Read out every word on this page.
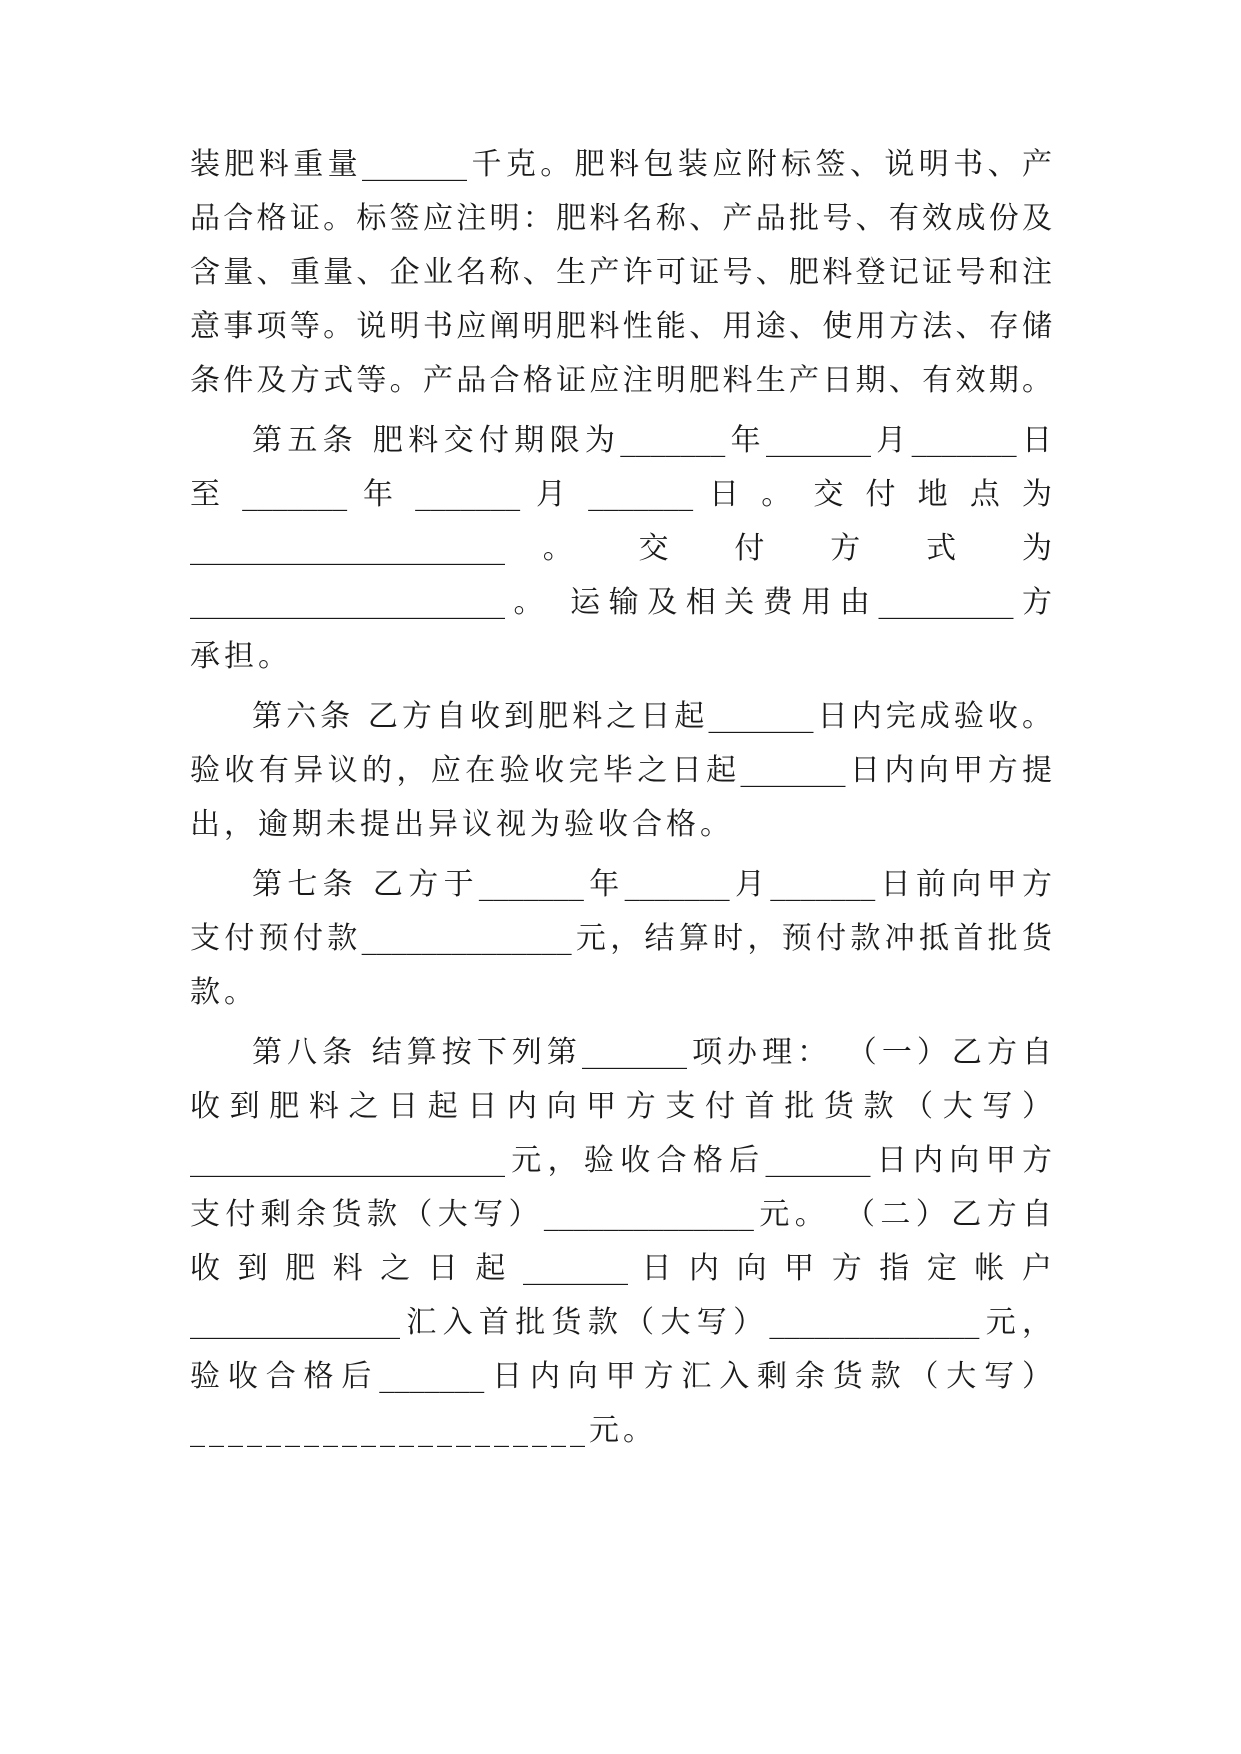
装肥料重量_______千克。肥料包装应附标签、说明书、产
品合格证。标签应注明：肥料名称、产品批号、有效成份及
含量、重量、企业名称、生产许可证号、肥料登记证号和注
意事项等。说明书应阐明肥料性能、用途、使用方法、存储
条件及方式等。产品合格证应注明肥料生产日期、有效期。
第五条 肥料交付期限为_______年_______月_______日
至 _______ 年 _______ 月 _______ 日 。 交 付 地 点 为
_____________________ 。 交 付 方 式 为
_____________________。 运输及相关费用由_________方
承担。
第六条 乙方自收到肥料之日起_______日内完成验收。
验收有异议的，应在验收完毕之日起_______日内向甲方提
出，逾期未提出异议视为验收合格。
第七条 乙方于_______年_______月_______日前向甲方
支付预付款______________元，结算时，预付款冲抵首批货
款。
第八条 结算按下列第_______项办理： （一）乙方自
收 到 肥 料 之 日 起 日 内 向 甲 方 支 付 首 批 货 款 （ 大 写 ）
_____________________元，验收合格后_______日内向甲方
支付剩余货款（大写）______________元。 （二）乙方自
收 到 肥 料 之 日 起 _______ 日 内 向 甲 方 指 定 帐 户
______________汇入首批货款（大写）______________元，
验收合格后_______日内向甲方汇入剩余货款（大写）
_____________________元。
